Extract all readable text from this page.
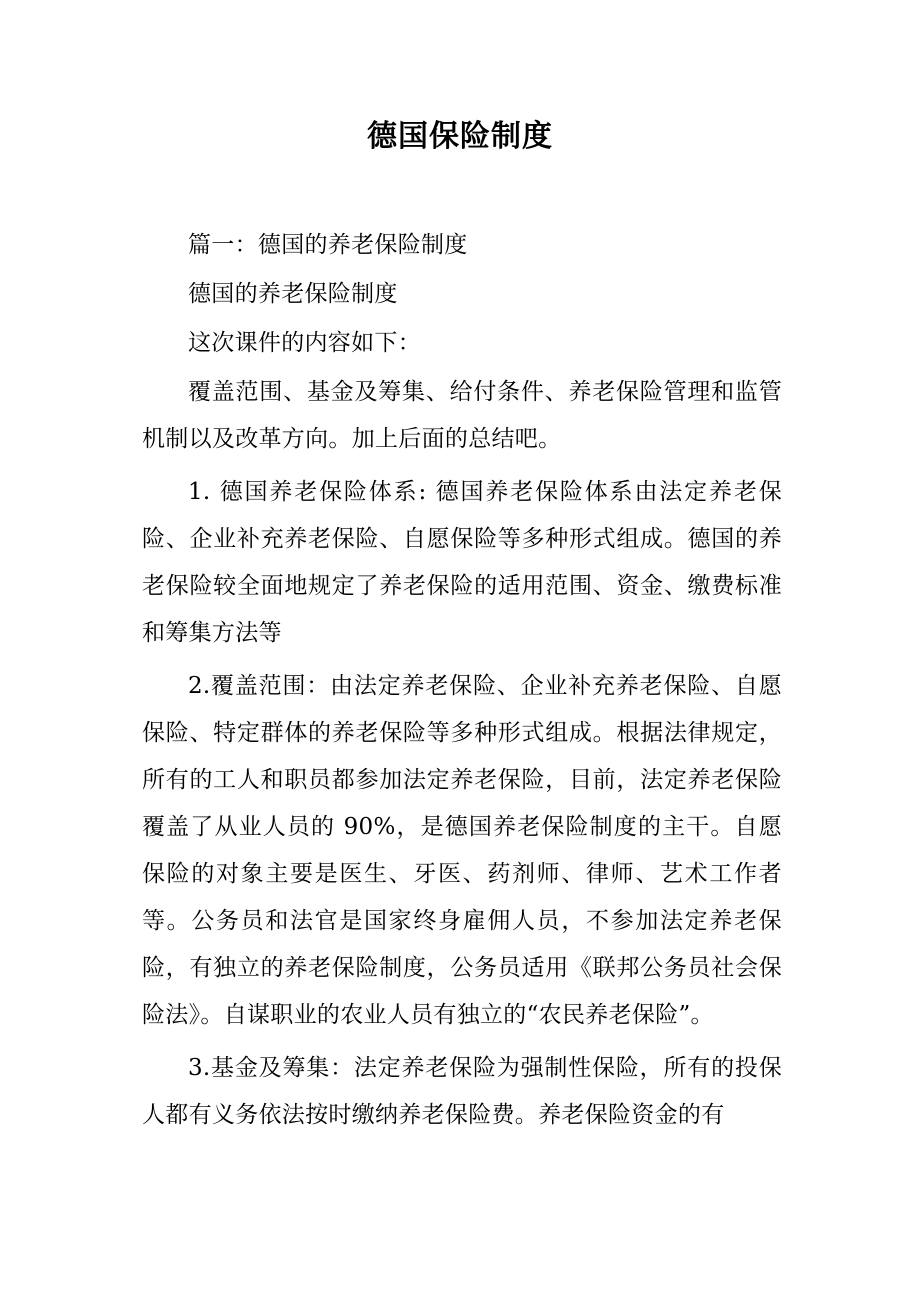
德国保险制度

篇一：德国的养老保险制度

德国的养老保险制度

这次课件的内容如下：

覆盖范围、基金及筹集、给付条件、养老保险管理和监管机制以及改革方向。加上后面的总结吧。

1. 德国养老保险体系: 德国养老保险体系由法定养老保险、企业补充养老保险、自愿保险等多种形式组成。德国的养老保险较全面地规定了养老保险的适用范围、资金、缴费标准和筹集方法等

2.覆盖范围：由法定养老保险、企业补充养老保险、自愿保险、特定群体的养老保险等多种形式组成。根据法律规定，所有的工人和职员都参加法定养老保险，目前，法定养老保险覆盖了从业人员的 90%，是德国养老保险制度的主干。自愿保险的对象主要是医生、牙医、药剂师、律师、艺术工作者等。公务员和法官是国家终身雇佣人员，不参加法定养老保险，有独立的养老保险制度，公务员适用《联邦公务员社会保险法》。自谋职业的农业人员有独立的“农民养老保险”。

3.基金及筹集：法定养老保险为强制性保险，所有的投保人都有义务依法按时缴纳养老保险费。养老保险资金的有
